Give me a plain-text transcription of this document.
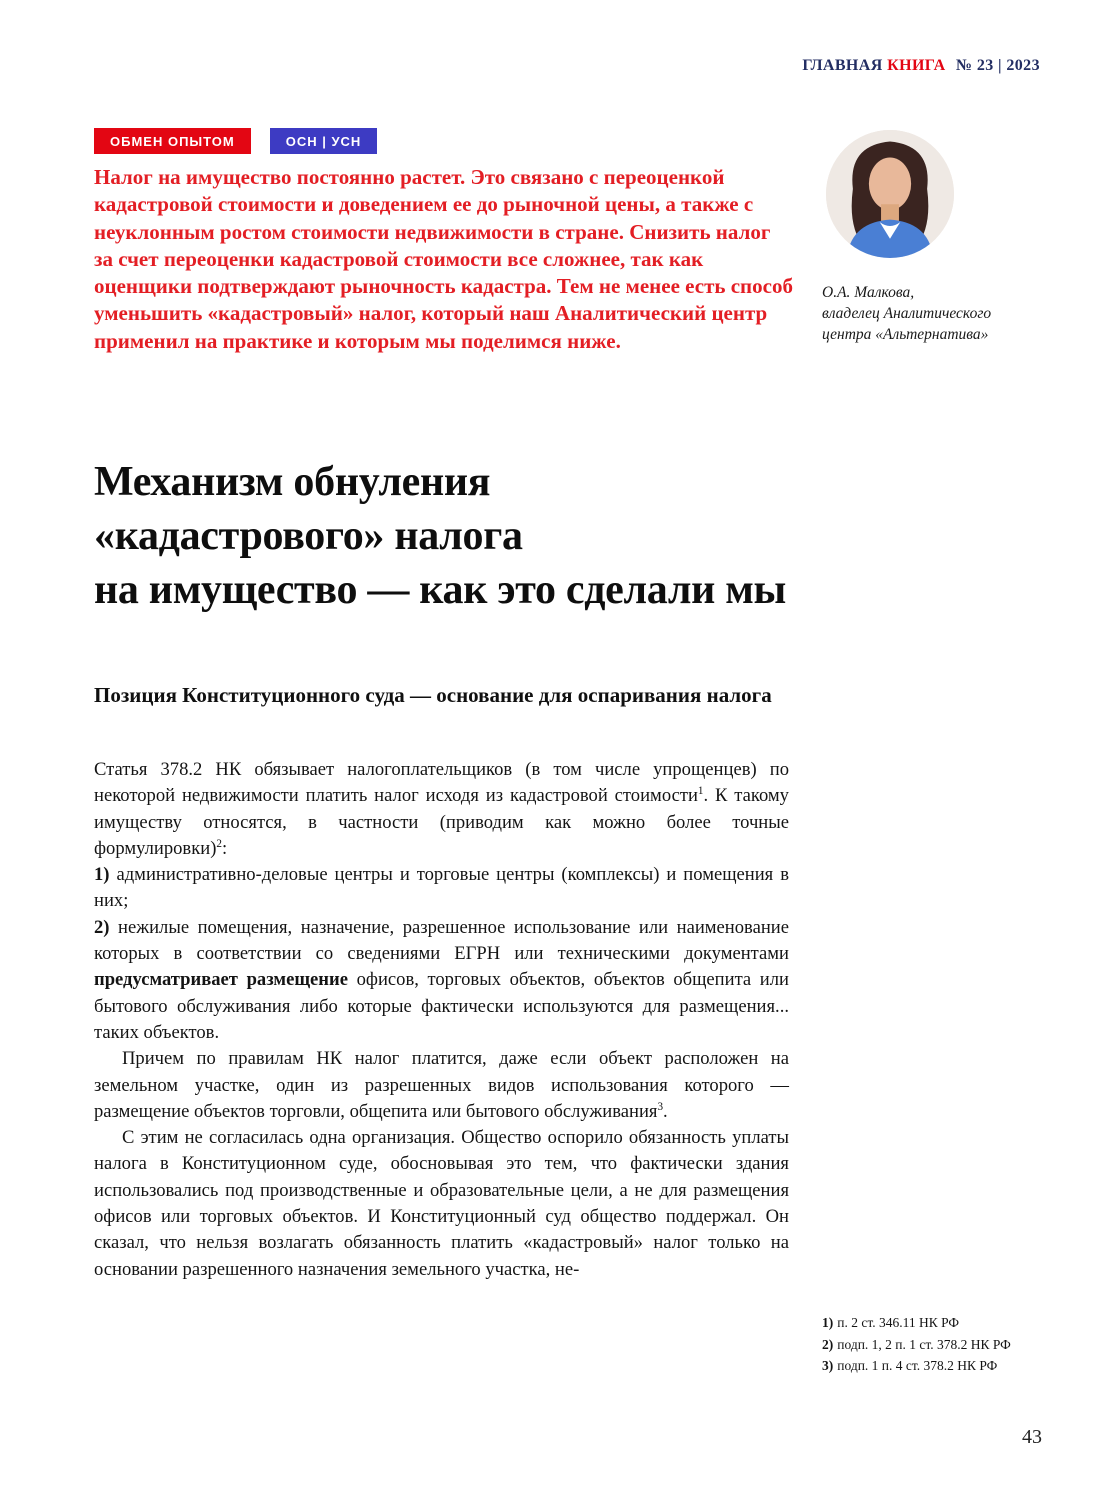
ГЛАВНАЯ КНИГА № 23 | 2023
ОБМЕН ОПЫТОМ	ОСН | УСН
Налог на имущество постоянно растет. Это связано с переоценкой кадастровой стоимости и доведением ее до рыночной цены, а также с неуклонным ростом стоимости недвижимости в стране. Снизить налог за счет переоценки кадастровой стоимости все сложнее, так как оценщики подтверждают рыночность кадастра. Тем не менее есть способ уменьшить «кадастровый» налог, который наш Аналитический центр применил на практике и которым мы поделимся ниже.
О.А. Малкова,
владелец Аналитического центра «Альтернатива»
Механизм обнуления
«кадастрового» налога
на имущество — как это сделали мы
Позиция Конституционного суда — основание для оспаривания налога

Статья 378.2 НК обязывает налогоплательщиков (в том числе упрощенцев) по некоторой недвижимости платить налог исходя из кадастровой стоимости$^1$. К такому имуществу относятся, в частности (приводим как можно более точные формулировки)$^2$:

1) административно-деловые центры и торговые центры (комплексы) и помещения в них;

2) нежилые помещения, назначение, разрешенное использование или наименование которых в соответствии со сведениями ЕГРН или техническими документами предусматривает размещение офисов, торговых объектов, объектов общепита или бытового обслуживания либо которые фактически используются для размещения... таких объектов.

Причем по правилам НК налог платится, даже если объект расположен на земельном участке, один из разрешенных видов использования которого — размещение объектов торговли, общепита или бытового обслуживания$^3$.

С этим не согласилась одна организация. Общество оспорило обязанность уплаты налога в Конституционном суде, обосновывая это тем, что фактически здания использовались под производственные и образовательные цели, а не для размещения офисов или торговых объектов. И Конституционный суд общество поддержал. Он сказал, что нельзя возлагать обязанность платить «кадастровый» налог только на основании разрешенного назначения земельного участка, не-

1) п. 2 ст. 346.11 НК РФ
2) подп. 1, 2 п. 1 ст. 378.2 НК РФ
3) подп. 1 п. 4 ст. 378.2 НК РФ
43
